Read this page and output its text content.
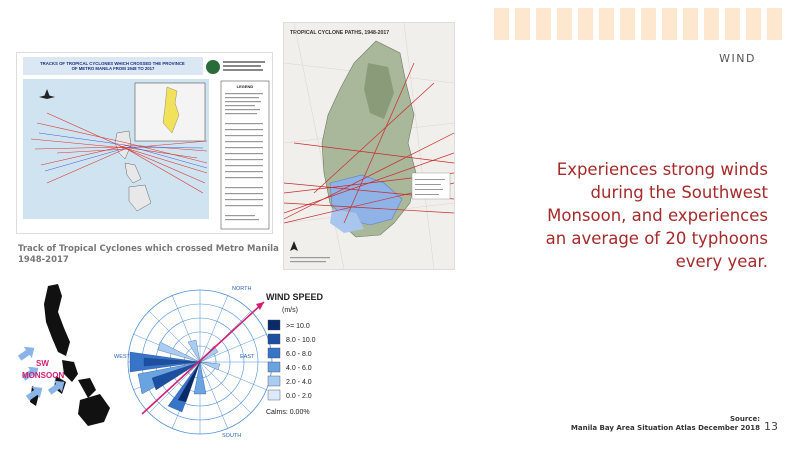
WIND
TRACKS OF TROPICAL CYCLONES WHICH CROSSED THE PROVINCE OF METRO MANILA FROM 1948 TO 2017
LEGEND
Track of Tropical Cyclones which crossed Metro Manila
1948-2017
TROPICAL CYCLONE PATHS, 1948-2017
SW
MONSOON
NORTH
SOUTH
EAST
WEST
WIND SPEED
(m/s)
>= 10.0
8.0 - 10.0
6.0 - 8.0
4.0 - 6.0
2.0 - 4.0
0.0 - 2.0
Calms: 0.00%
Experiences strong winds
during the Southwest
Monsoon, and experiences
an average of 20 typhoons
every year.
Source:
Manila Bay Area Situation Atlas December 2018 13
